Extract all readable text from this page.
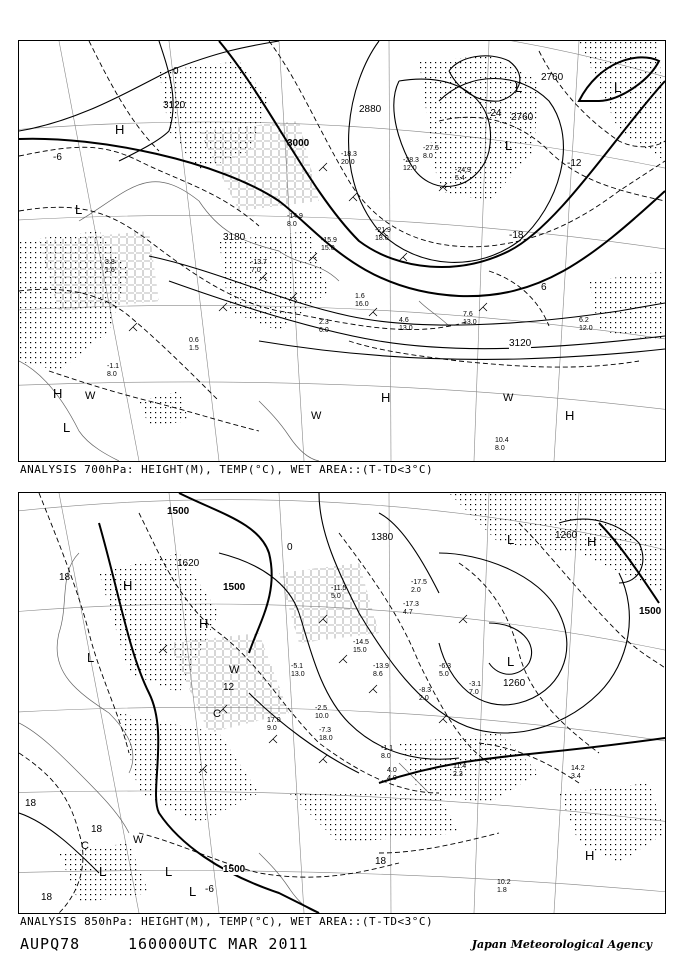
H
L
L
H
L
H W
L
W	H
W
L
3120
3000
2880
2760
2760
3180
3120
-24
-12
-6
0
6
-18
10.4
8.0
7.6
13.0	6.2
12.0
1.6
16.0
2.3
6.0
4.6
13.0
3.8
1.6
0.6
1.5
-1.1
8.0
-28.3
12.0
-27.5
8.0
-24.9
5.4
-21.9
18.0
-14.9
8.0
-13.7
7.0
-15.9
15.0
-18.3
20.0
ANALYSIS 700hPa: HEIGHT(M), TEMP(°C), WET AREA::(T-TD<3°C)
H
L
H
H
W
L
C
C
L
W
L
L	H
L
1500
1620
1500
1380	1260
1260
1500
1500
18
18
18
18
18
-6
0
12
11.4
2.3
14.2
3.4
10.2
1.8
-17.5
2.0
-17.3
4.7
-14.5
15.0
-13.9
8.6
-11.5
5.0
-8.3
2.0
-6.3
5.0
-3.1
7.0
-5.1
13.0
-1.1
8.0
4.0
4.0
-2.5
10.0
-7.3
18.0
17.0
9.0
ANALYSIS 850hPa: HEIGHT(M), TEMP(°C), WET AREA::(T-TD<3°C)
AUPQ78	160000UTC MAR 2011	Japan Meteorological Agency
